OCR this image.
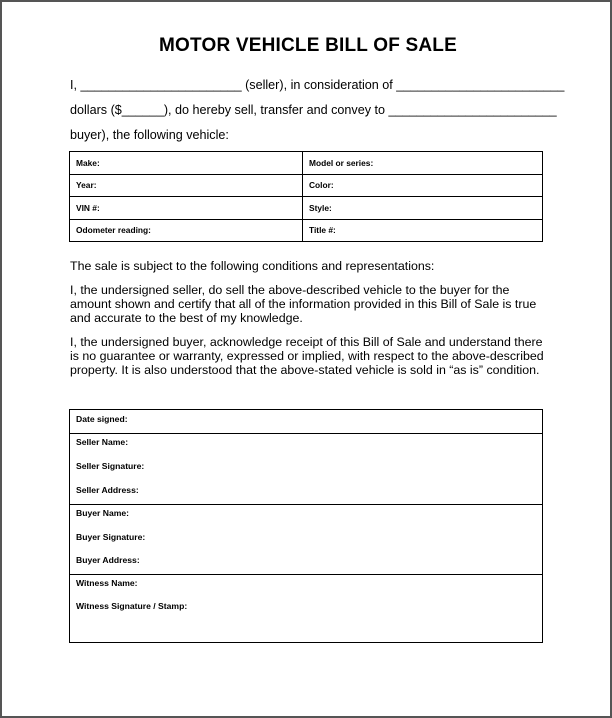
MOTOR VEHICLE BILL OF SALE
I, _______________________ (seller), in consideration of ________________________
dollars ($______), do hereby sell, transfer and convey to ________________________
buyer), the following vehicle:
Make:	Model or series:
Year:	Color:
VIN #:	Style:
Odometer reading:	Title #:
The sale is subject to the following conditions and representations:
I, the undersigned seller, do sell the above-described vehicle to the buyer for the amount shown and certify that all of the information provided in this Bill of Sale is true and accurate to the best of my knowledge.
I, the undersigned buyer, acknowledge receipt of this Bill of Sale and understand there is no guarantee or warranty, expressed or implied, with respect to the above-described property. It is also understood that the above-stated vehicle is sold in “as is” condition.
Date signed:
Seller Name:
Seller Signature:
Seller Address:
Buyer Name:
Buyer Signature:
Buyer Address:
Witness Name:
Witness Signature / Stamp:
